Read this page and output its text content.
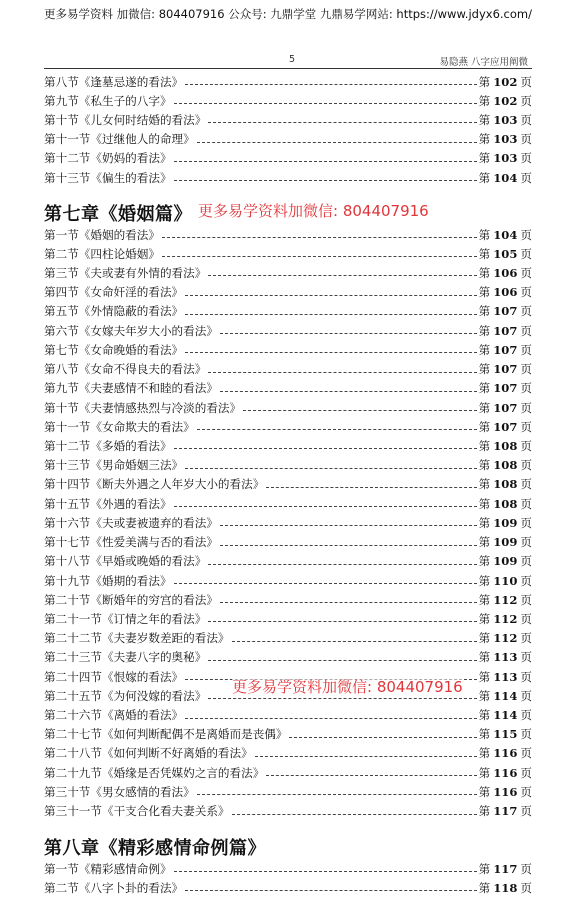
更多易学资料 加微信: 804407916 公众号: 九鼎学堂 九鼎易学网站: https://www.jdyx6.com/
5	易隐燕 八字应用阐微
第八节《逢墓忌遂的看法》	第 102 页
第九节《私生子的八字》	第 102 页
第十节《儿女何时结婚的看法》	第 103 页
第十一节《过继他人的命理》	第 103 页
第十二节《奶妈的看法》	第 103 页
第十三节《偏生的看法》	第 104 页
第一节《婚姻的看法》	第 104 页
第二节《四柱论婚姻》	第 105 页
第三节《夫或妻有外情的看法》	第 106 页
第四节《女命奸淫的看法》	第 106 页
第五节《外情隐蔽的看法》	第 107 页
第六节《女嫁夫年岁大小的看法》	第 107 页
第七节《女命晚婚的看法》	第 107 页
第八节《女命不得良夫的看法》	第 107 页
第九节《夫妻感情不和睦的看法》	第 107 页
第十节《夫妻情感热烈与冷淡的看法》	第 107 页
第十一节《女命欺夫的看法》	第 107 页
第十二节《多婚的看法》	第 108 页
第十三节《男命婚姻三法》	第 108 页
第十四节《断夫外遇之人年岁大小的看法》	第 108 页
第十五节《外遇的看法》	第 108 页
第十六节《夫或妻被遗弃的看法》	第 109 页
第十七节《性爱美满与否的看法》	第 109 页
第十八节《早婚或晚婚的看法》	第 109 页
第十九节《婚期的看法》	第 110 页
第二十节《断婚年的穷宫的看法》	第 112 页
第二十一节《订情之年的看法》	第 112 页
第二十二节《夫妻岁数差距的看法》	第 112 页
第二十三节《夫妻八字的奥秘》	第 113 页
第二十四节《恨嫁的看法》	第 113 页
第二十五节《为何没嫁的看法》	第 114 页
第二十六节《离婚的看法》	第 114 页
第二十七节《如何判断配偶不是离婚而是丧偶》	第 115 页
第二十八节《如何判断不好离婚的看法》	第 116 页
第二十九节《婚缘是否凭媒妁之言的看法》	第 116 页
第三十节《男女感情的看法》	第 116 页
第三十一节《干支合化看夫妻关系》	第 117 页
第一节《精彩感情命例》	第 117 页
第二节《八字卜卦的看法》	第 118 页
第七章《婚姻篇》
第八章《精彩感情命例篇》
更多易学资料加微信: 804407916
更多易学资料加微信: 804407916
